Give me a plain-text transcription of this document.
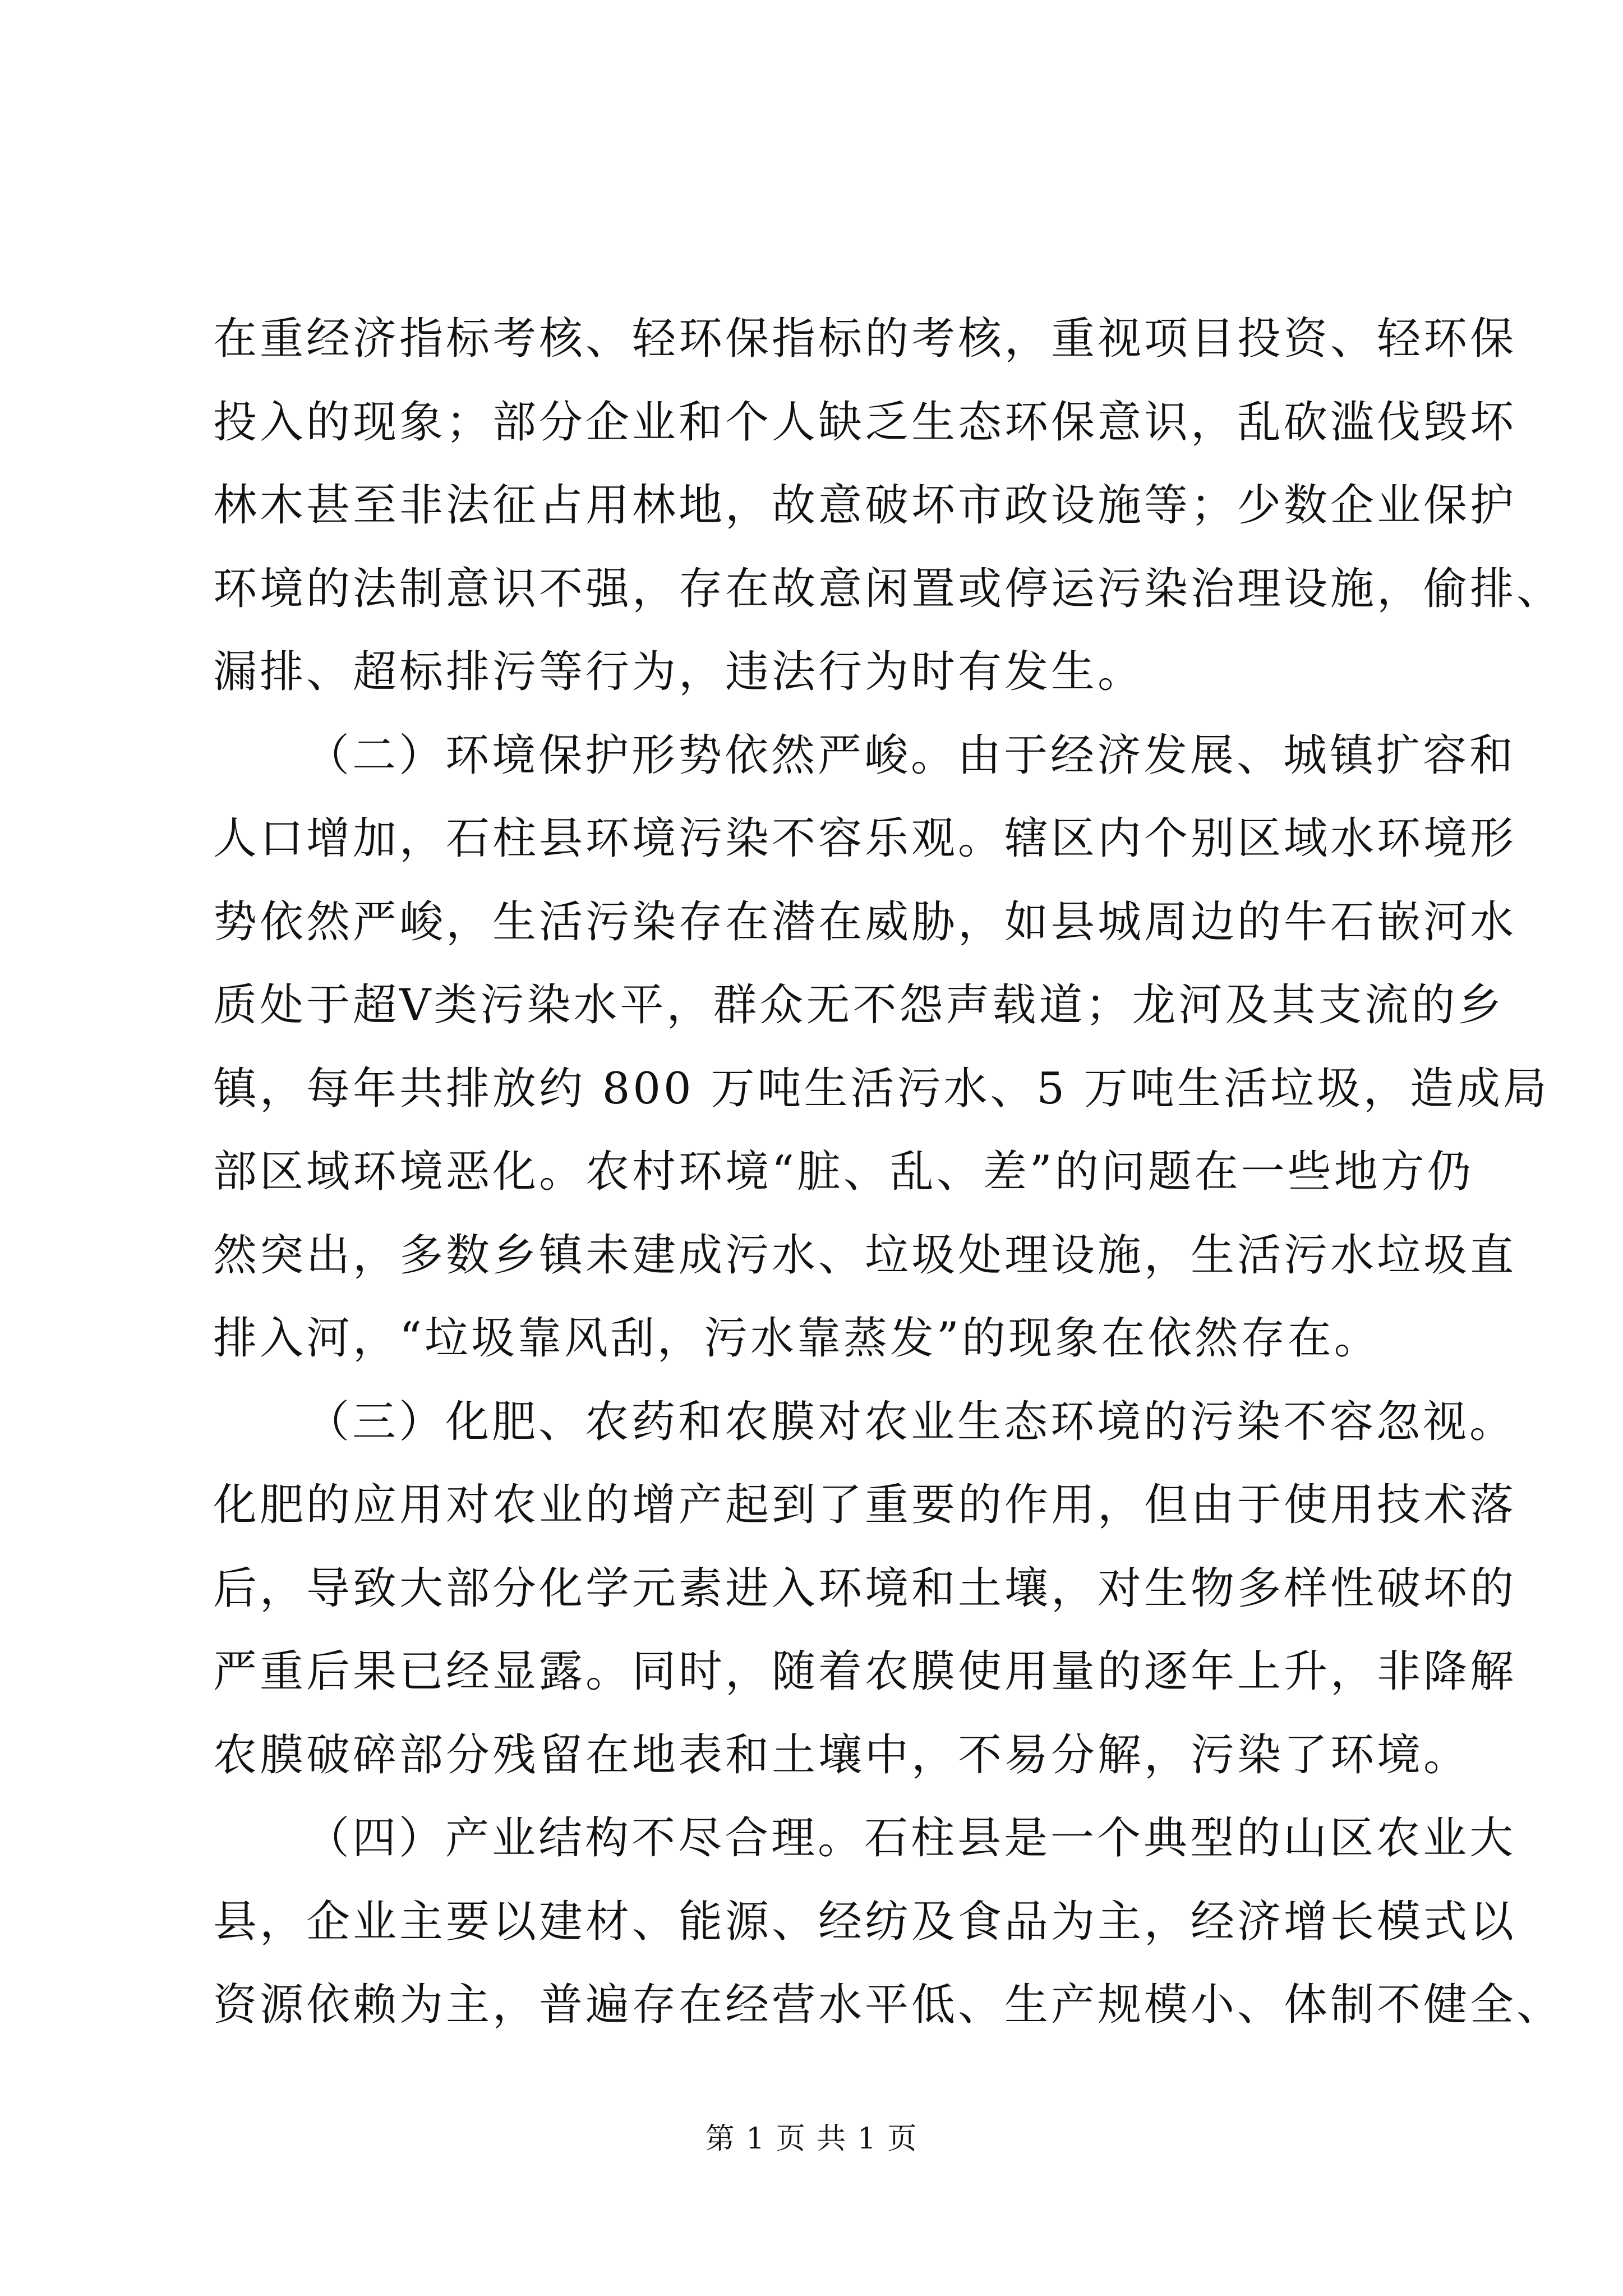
在重经济指标考核、轻环保指标的考核，重视项目投资、轻环保
投入的现象；部分企业和个人缺乏生态环保意识，乱砍滥伐毁坏
林木甚至非法征占用林地，故意破坏市政设施等；少数企业保护
环境的法制意识不强，存在故意闲置或停运污染治理设施，偷排、
漏排、超标排污等行为，违法行为时有发生。
（二）环境保护形势依然严峻。由于经济发展、城镇扩容和
人口增加，石柱县环境污染不容乐观。辖区内个别区域水环境形
势依然严峻，生活污染存在潜在威胁，如县城周边的牛石嵌河水
质处于超Ⅴ类污染水平，群众无不怨声载道；龙河及其支流的乡
镇，每年共排放约 800 万吨生活污水、5 万吨生活垃圾，造成局
部区域环境恶化。农村环境“脏、乱、差”的问题在一些地方仍
然突出，多数乡镇未建成污水、垃圾处理设施，生活污水垃圾直
排入河，“垃圾靠风刮，污水靠蒸发”的现象在依然存在。
（三）化肥、农药和农膜对农业生态环境的污染不容忽视。
化肥的应用对农业的增产起到了重要的作用，但由于使用技术落
后，导致大部分化学元素进入环境和土壤，对生物多样性破坏的
严重后果已经显露。同时，随着农膜使用量的逐年上升，非降解
农膜破碎部分残留在地表和土壤中，不易分解，污染了环境。
（四）产业结构不尽合理。石柱县是一个典型的山区农业大
县，企业主要以建材、能源、经纺及食品为主，经济增长模式以
资源依赖为主，普遍存在经营水平低、生产规模小、体制不健全、
第 1 页 共 1 页
